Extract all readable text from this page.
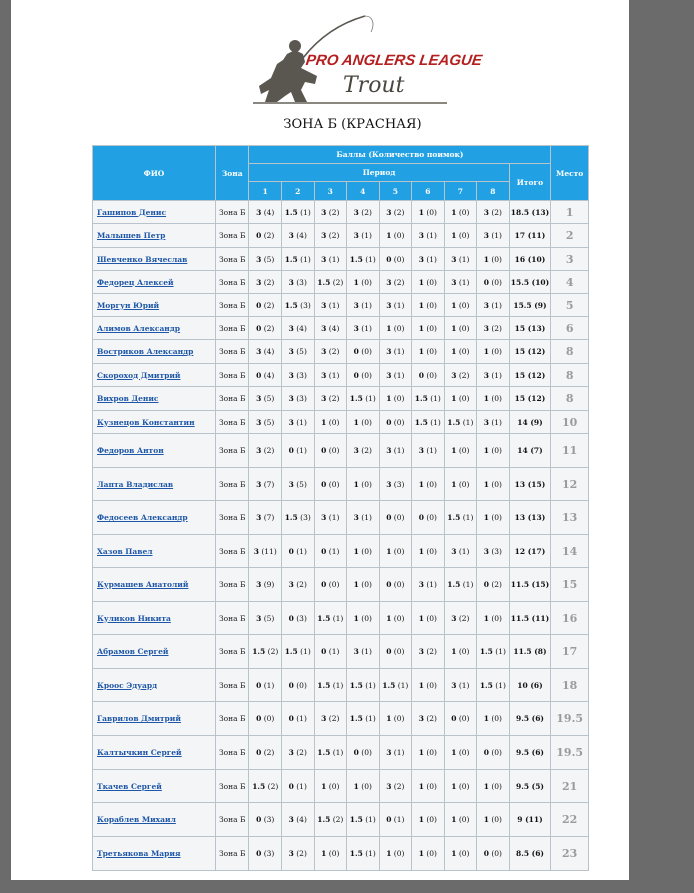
PRO ANGLERS LEAGUE
Trout
ЗОНА Б (КРАСНАЯ)
ФИО	Зона	Баллы (Количество поимок)									Место
		Период								Итого	
		1	2	3	4	5	6	7	8		
Гашипов Денис	Зона Б	3 (4)	1.5 (1)	3 (2)	3 (2)	3 (2)	1 (0)	1 (0)	3 (2)	18.5 (13)	1
Малышев Петр	Зона Б	0 (2)	3 (4)	3 (2)	3 (1)	1 (0)	3 (1)	1 (0)	3 (1)	17 (11)	2
Шевченко Вячеслав	Зона Б	3 (5)	1.5 (1)	3 (1)	1.5 (1)	0 (0)	3 (1)	3 (1)	1 (0)	16 (10)	3
Федорец Алексей	Зона Б	3 (2)	3 (3)	1.5 (2)	1 (0)	3 (2)	1 (0)	3 (1)	0 (0)	15.5 (10)	4
Моргун Юрий	Зона Б	0 (2)	1.5 (3)	3 (1)	3 (1)	3 (1)	1 (0)	1 (0)	3 (1)	15.5 (9)	5
Алимов Александр	Зона Б	0 (2)	3 (4)	3 (4)	3 (1)	1 (0)	1 (0)	1 (0)	3 (2)	15 (13)	6
Востриков Александр	Зона Б	3 (4)	3 (5)	3 (2)	0 (0)	3 (1)	1 (0)	1 (0)	1 (0)	15 (12)	8
Скороход Дмитрий	Зона Б	0 (4)	3 (3)	3 (1)	0 (0)	3 (1)	0 (0)	3 (2)	3 (1)	15 (12)	8
Вихров Денис	Зона Б	3 (5)	3 (3)	3 (2)	1.5 (1)	1 (0)	1.5 (1)	1 (0)	1 (0)	15 (12)	8
Кузнецов Константин	Зона Б	3 (5)	3 (1)	1 (0)	1 (0)	0 (0)	1.5 (1)	1.5 (1)	3 (1)	14 (9)	10
Федоров Антон	Зона Б	3 (2)	0 (1)	0 (0)	3 (2)	3 (1)	3 (1)	1 (0)	1 (0)	14 (7)	11
Лапта Владислав	Зона Б	3 (7)	3 (5)	0 (0)	1 (0)	3 (3)	1 (0)	1 (0)	1 (0)	13 (15)	12
Федосеев Александр	Зона Б	3 (7)	1.5 (3)	3 (1)	3 (1)	0 (0)	0 (0)	1.5 (1)	1 (0)	13 (13)	13
Хазов Павел	Зона Б	3 (11)	0 (1)	0 (1)	1 (0)	1 (0)	1 (0)	3 (1)	3 (3)	12 (17)	14
Курмашев Анатолий	Зона Б	3 (9)	3 (2)	0 (0)	1 (0)	0 (0)	3 (1)	1.5 (1)	0 (2)	11.5 (15)	15
Куликов Никита	Зона Б	3 (5)	0 (3)	1.5 (1)	1 (0)	1 (0)	1 (0)	3 (2)	1 (0)	11.5 (11)	16
Абрамов Сергей	Зона Б	1.5 (2)	1.5 (1)	0 (1)	3 (1)	0 (0)	3 (2)	1 (0)	1.5 (1)	11.5 (8)	17
Кроос Эдуард	Зона Б	0 (1)	0 (0)	1.5 (1)	1.5 (1)	1.5 (1)	1 (0)	3 (1)	1.5 (1)	10 (6)	18
Гаврилов Дмитрий	Зона Б	0 (0)	0 (1)	3 (2)	1.5 (1)	1 (0)	3 (2)	0 (0)	1 (0)	9.5 (6)	19.5
Калтычкин Сергей	Зона Б	0 (2)	3 (2)	1.5 (1)	0 (0)	3 (1)	1 (0)	1 (0)	0 (0)	9.5 (6)	19.5
Ткачев Сергей	Зона Б	1.5 (2)	0 (1)	1 (0)	1 (0)	3 (2)	1 (0)	1 (0)	1 (0)	9.5 (5)	21
Кораблев Михаил	Зона Б	0 (3)	3 (4)	1.5 (2)	1.5 (1)	0 (1)	1 (0)	1 (0)	1 (0)	9 (11)	22
Третьякова Мария	Зона Б	0 (3)	3 (2)	1 (0)	1.5 (1)	1 (0)	1 (0)	1 (0)	0 (0)	8.5 (6)	23
